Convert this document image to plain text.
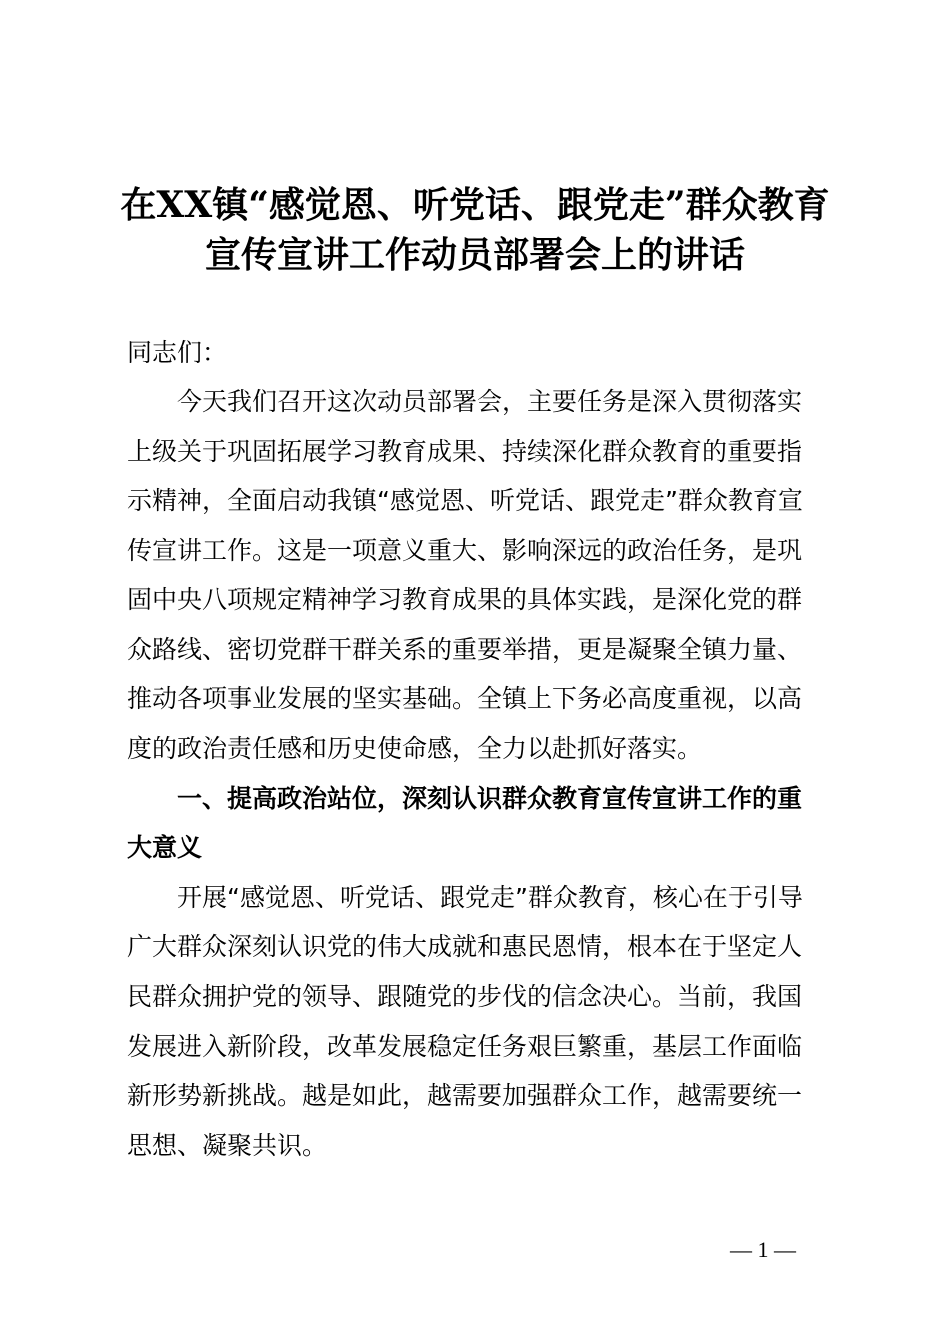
在XX镇“感觉恩、听党话、跟党走”群众教育
宣传宣讲工作动员部署会上的讲话
同志们：
　　今天我们召开这次动员部署会，主要任务是深入贯彻落实
上级关于巩固拓展学习教育成果、持续深化群众教育的重要指
示精神，全面启动我镇“感觉恩、听党话、跟党走”群众教育宣
传宣讲工作。这是一项意义重大、影响深远的政治任务，是巩
固中央八项规定精神学习教育成果的具体实践，是深化党的群
众路线、密切党群干群关系的重要举措，更是凝聚全镇力量、
推动各项事业发展的坚实基础。全镇上下务必高度重视，以高
度的政治责任感和历史使命感，全力以赴抓好落实。
　　一、提高政治站位，深刻认识群众教育宣传宣讲工作的重
大意义
　　开展“感觉恩、听党话、跟党走”群众教育，核心在于引导
广大群众深刻认识党的伟大成就和惠民恩情，根本在于坚定人
民群众拥护党的领导、跟随党的步伐的信念决心。当前，我国
发展进入新阶段，改革发展稳定任务艰巨繁重，基层工作面临
新形势新挑战。越是如此，越需要加强群众工作，越需要统一
思想、凝聚共识。
— 1 —
